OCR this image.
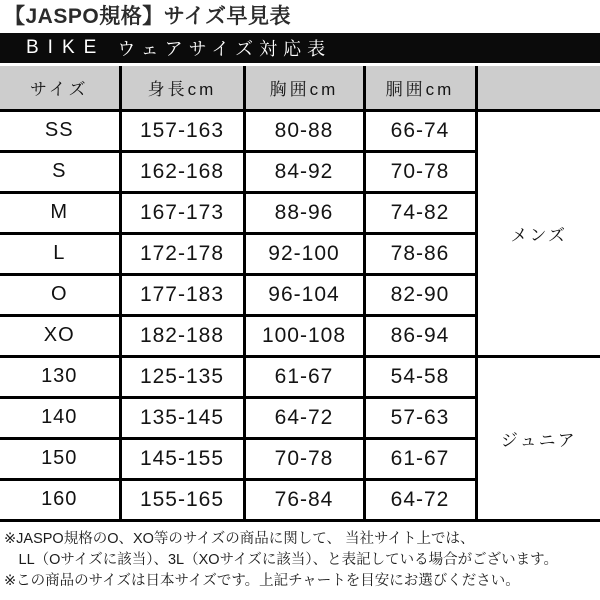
【JASPO規格】サイズ早見表
BIKE ウェアサイズ対応表
サイズ	身長cm	胸囲cm	胴囲cm	
SS	157-163	80-88	66-74	メンズ
S	162-168	84-92	70-78	
M	167-173	88-96	74-82	
L	172-178	92-100	78-86	
O	177-183	96-104	82-90	
XO	182-188	100-108	86-94	
130	125-135	61-67	54-58	ジュニア
140	135-145	64-72	57-63	
150	145-155	70-78	61-67	
160	155-165	76-84	64-72	

※JASPO規格のO、XO等のサイズの商品に関して、 当社サイト上では、

　LL（Oサイズに該当）、3L（XOサイズに該当）、と表記している場合がございます。

※この商品のサイズは日本サイズです。上記チャートを目安にお選びください。
